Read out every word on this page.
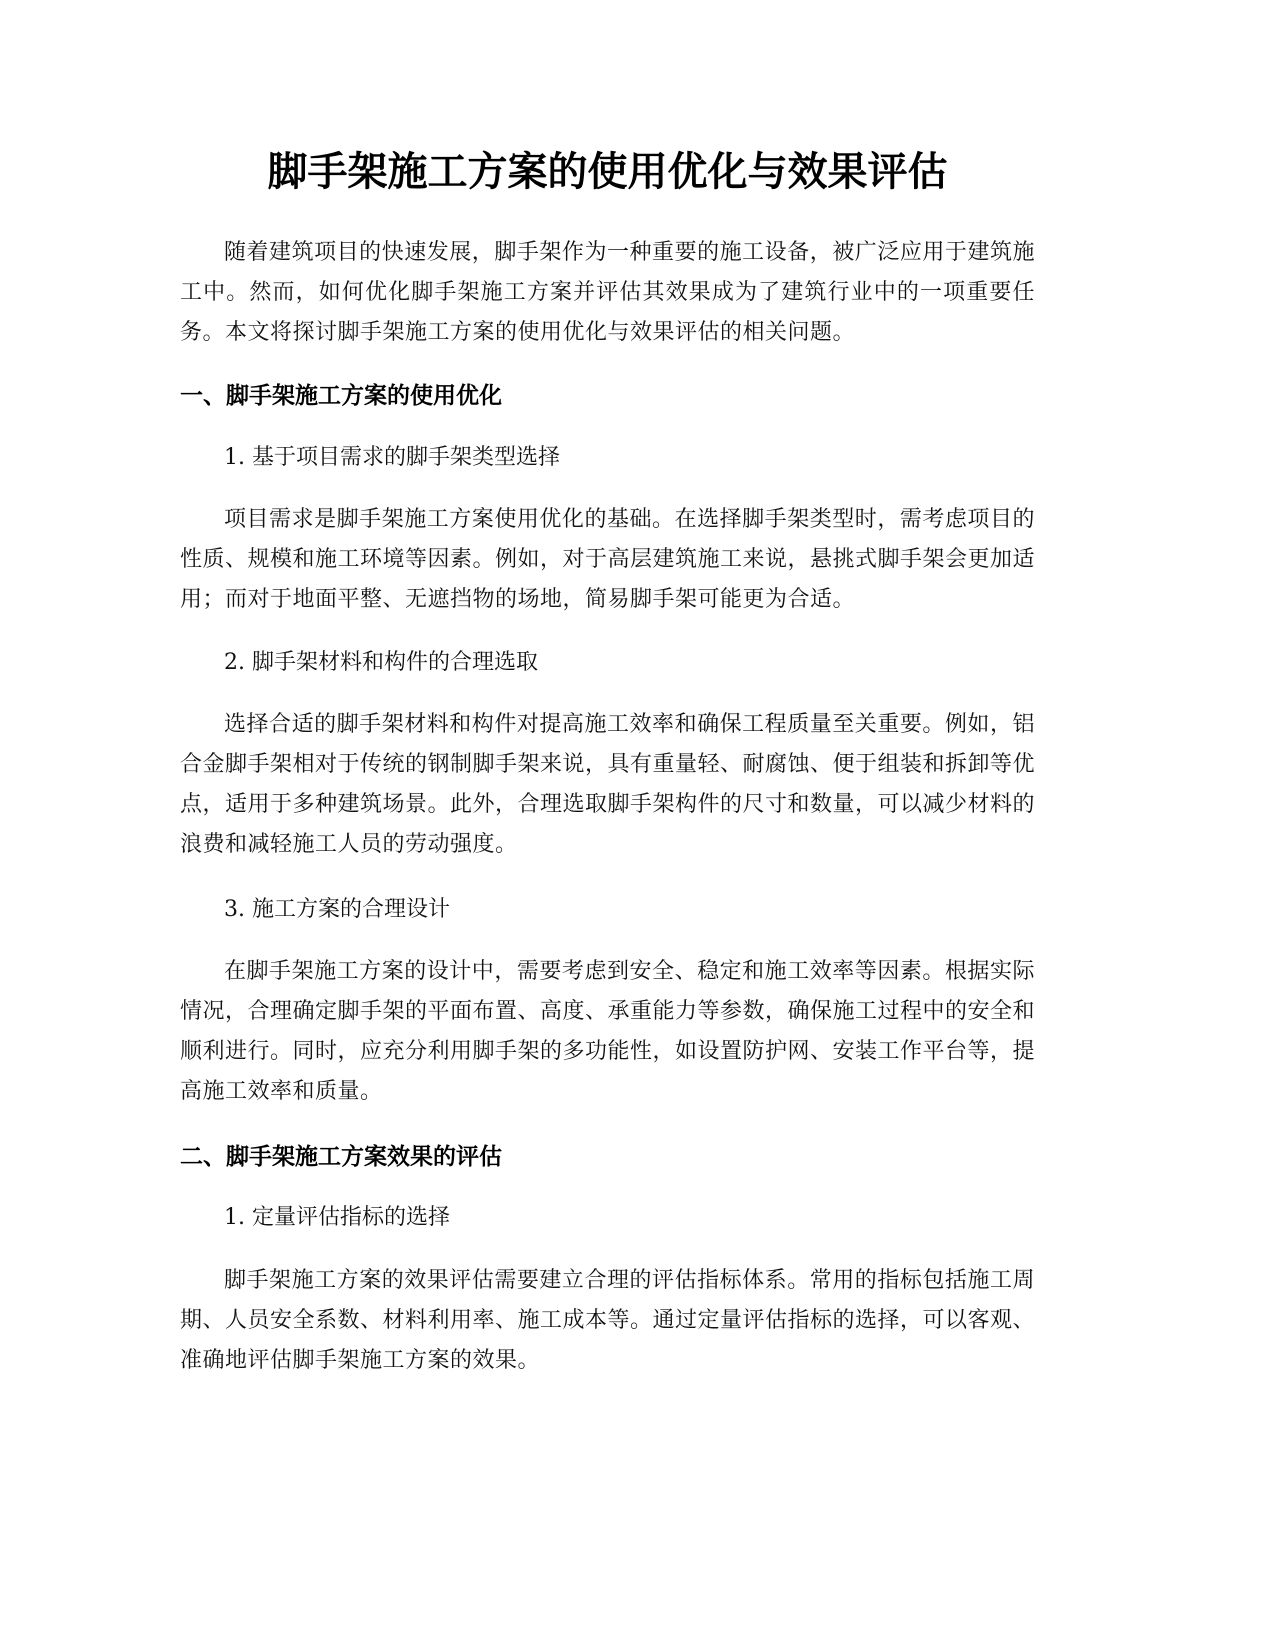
脚手架施工方案的使用优化与效果评估

随着建筑项目的快速发展，脚手架作为一种重要的施工设备，被广泛应用于建筑施工中。然而，如何优化脚手架施工方案并评估其效果成为了建筑行业中的一项重要任务。本文将探讨脚手架施工方案的使用优化与效果评估的相关问题。

一、脚手架施工方案的使用优化

1. 基于项目需求的脚手架类型选择

项目需求是脚手架施工方案使用优化的基础。在选择脚手架类型时，需考虑项目的性质、规模和施工环境等因素。例如，对于高层建筑施工来说，悬挑式脚手架会更加适用；而对于地面平整、无遮挡物的场地，简易脚手架可能更为合适。

2. 脚手架材料和构件的合理选取

选择合适的脚手架材料和构件对提高施工效率和确保工程质量至关重要。例如，铝合金脚手架相对于传统的钢制脚手架来说，具有重量轻、耐腐蚀、便于组装和拆卸等优点，适用于多种建筑场景。此外，合理选取脚手架构件的尺寸和数量，可以减少材料的浪费和减轻施工人员的劳动强度。

3. 施工方案的合理设计

在脚手架施工方案的设计中，需要考虑到安全、稳定和施工效率等因素。根据实际情况，合理确定脚手架的平面布置、高度、承重能力等参数，确保施工过程中的安全和顺利进行。同时，应充分利用脚手架的多功能性，如设置防护网、安装工作平台等，提高施工效率和质量。

二、脚手架施工方案效果的评估

1. 定量评估指标的选择

脚手架施工方案的效果评估需要建立合理的评估指标体系。常用的指标包括施工周期、人员安全系数、材料利用率、施工成本等。通过定量评估指标的选择，可以客观、准确地评估脚手架施工方案的效果。
